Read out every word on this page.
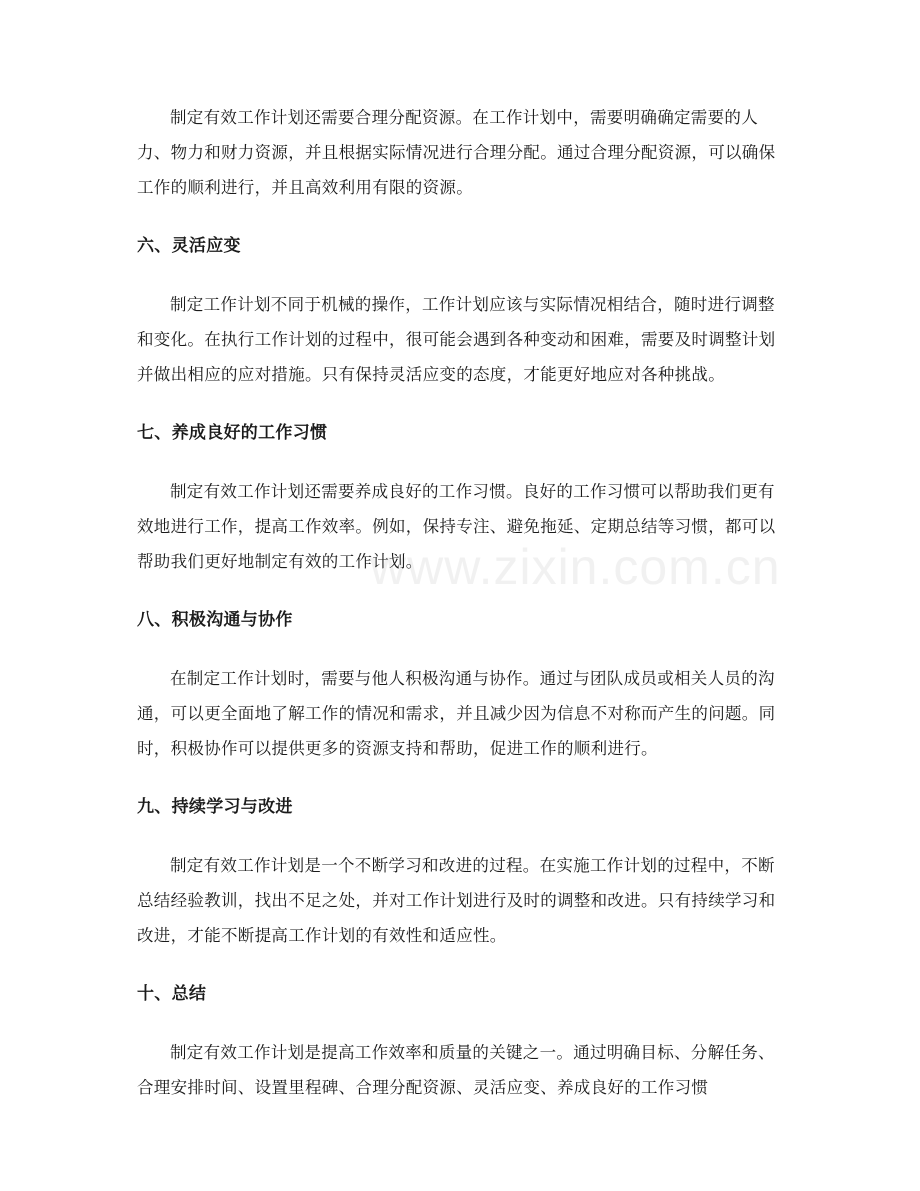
制定有效工作计划还需要合理分配资源。在工作计划中，需要明确确定需要的人力、物力和财力资源，并且根据实际情况进行合理分配。通过合理分配资源，可以确保工作的顺利进行，并且高效利用有限的资源。

六、灵活应变

制定工作计划不同于机械的操作，工作计划应该与实际情况相结合，随时进行调整和变化。在执行工作计划的过程中，很可能会遇到各种变动和困难，需要及时调整计划并做出相应的应对措施。只有保持灵活应变的态度，才能更好地应对各种挑战。

七、养成良好的工作习惯

制定有效工作计划还需要养成良好的工作习惯。良好的工作习惯可以帮助我们更有效地进行工作，提高工作效率。例如，保持专注、避免拖延、定期总结等习惯，都可以帮助我们更好地制定有效的工作计划。

八、积极沟通与协作

在制定工作计划时，需要与他人积极沟通与协作。通过与团队成员或相关人员的沟通，可以更全面地了解工作的情况和需求，并且减少因为信息不对称而产生的问题。同时，积极协作可以提供更多的资源支持和帮助，促进工作的顺利进行。

九、持续学习与改进

制定有效工作计划是一个不断学习和改进的过程。在实施工作计划的过程中，不断总结经验教训，找出不足之处，并对工作计划进行及时的调整和改进。只有持续学习和改进，才能不断提高工作计划的有效性和适应性。

十、总结

制定有效工作计划是提高工作效率和质量的关键之一。通过明确目标、分解任务、合理安排时间、设置里程碑、合理分配资源、灵活应变、养成良好的工作习惯

www.zixin.com.cn
